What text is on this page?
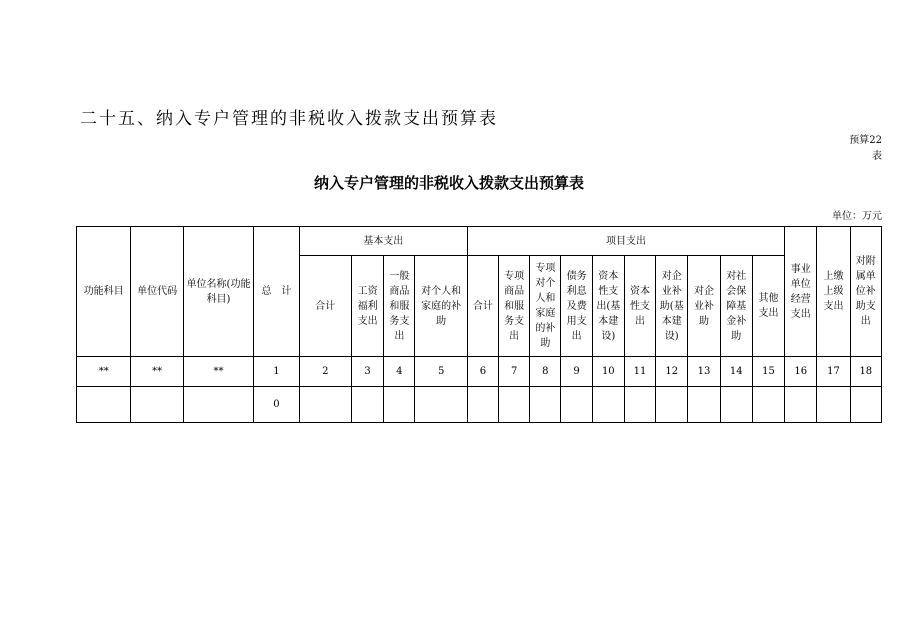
二十五、纳入专户管理的非税收入拨款支出预算表
预算22
表
纳入专户管理的非税收入拨款支出预算表
单位：万元
功能科目	单位代码	单位名称(功能科目)	总　计	基本支出				项目支出										事业单位经营支出	上缴上级支出	对附属单位补助支出
				合计	工资福利支出	一般商品和服务支出	对个人和家庭的补助	合计	专项商品和服务支出	专项对个人和家庭的补助	债务利息及费用支出	资本性支出(基本建设)	资本性支出	对企业补助(基本建设)	对企业补助	对社会保障基金补助	其他支出			
**	**	**	1	2	3	4	5	6	7	8	9	10	11	12	13	14	15	16	17	18
			0																	
